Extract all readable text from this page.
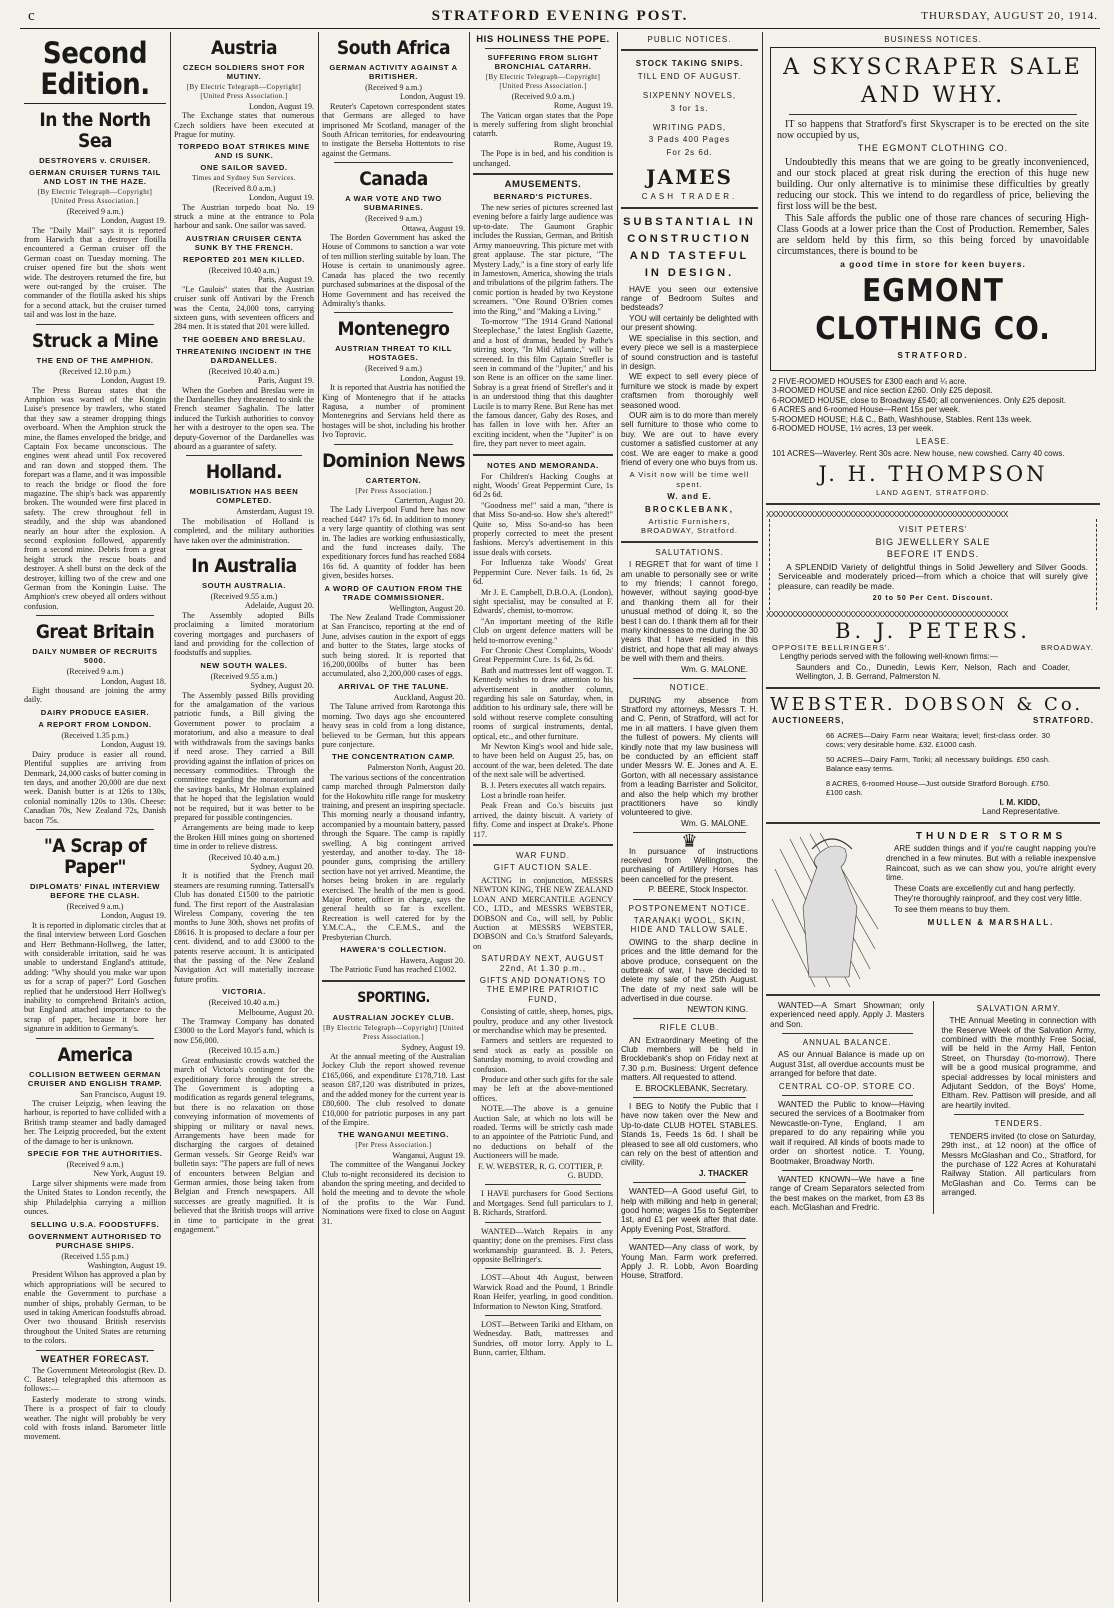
c	STRATFORD EVENING POST.	THURSDAY, AUGUST 20, 1914.
Second Edition.
In the North Sea
DESTROYERS v. CRUISER.
GERMAN CRUISER TURNS TAIL AND LOST IN THE HAZE.
[By Electric Telegraph—Copyright]
[United Press Association.]
(Received 9 a.m.)
London, August 19.

The "Daily Mail" says it is reported from Harwich that a destroyer flotilla encountered a German cruiser off the German coast on Tuesday morning. The cruiser opened fire but the shots went wide. The destroyers returned the fire, but were out-ranged by the cruiser. The commander of the flotilla asked his ships for a second attack, but the cruiser turned tail and was lost in the haze.

Struck a Mine
THE END OF THE AMPHION.
(Received 12.10 p.m.)
London, August 19.

The Press Bureau states that the Amphion was warned of the Konigin Luise's presence by trawlers, who stated that they saw a steamer dropping things overboard. When the Amphion struck the mine, the flames enveloped the bridge, and Captain Fox became unconscious. The engines went ahead until Fox recovered and ran down and stopped them. The forepart was a flame, and it was impossible to reach the bridge or flood the fore magazine. The ship's back was apparently broken. The wounded were first placed in safety. The crew throughout fell in steadily, and the ship was abandoned nearly an hour after the explosion. A second explosion followed, apparently from a second mine. Debris from a great height struck the rescue boats and destroyer. A shell burst on the deck of the destroyer, killing two of the crew and one German from the Koningin Luise. The Amphion's crew obeyed all orders without confusion.

Great Britain
DAILY NUMBER OF RECRUITS 5000.
(Received 9 a.m.)
London, August 18.

Eight thousand are joining the army daily.

DAIRY PRODUCE EASIER.
A REPORT FROM LONDON.
(Received 1.35 p.m.)
London, August 19.

Dairy produce is easier all round. Plentiful supplies are arriving from Denmark, 24,000 casks of butter coming in ten days, and another 20,000 are due next week. Danish butter is at 126s to 130s, colonial nominally 120s to 130s. Cheese: Canadian 70s, New Zealand 72s, Danish bacon 75s.

"A Scrap of Paper"
DIPLOMATS' FINAL INTERVIEW BEFORE THE CLASH.
(Received 9 a.m.)
London, August 19.

It is reported in diplomatic circles that at the final interview between Lord Goschen and Herr Bethmann-Hollweg, the latter, with considerable irritation, said he was unable to understand England's attitude, adding: "Why should you make war upon us for a scrap of paper?" Lord Goschen replied that he understood Herr Hollweg's inability to comprehend Britain's action, but England attached importance to the scrap of paper, because it bore her signature in addition to Germany's.

America
COLLISION BETWEEN GERMAN CRUISER AND ENGLISH TRAMP.
San Francisco, August 19.

The cruiser Leipzig, when leaving the harbour, is reported to have collided with a British tramp steamer and badly damaged her. The Leipzig proceeded, but the extent of the damage to her is unknown.

SPECIE FOR THE AUTHORITIES.
(Received 9 a.m.)
New York, August 19.

Large silver shipments were made from the United States to London recently, the ship Philadelphia carrying a million ounces.

SELLING U.S.A. FOODSTUFFS.
GOVERNMENT AUTHORISED TO PURCHASE SHIPS.
(Received 1.55 p.m.)
Washington, August 19.

President Wilson has approved a plan by which appropriations will be secured to enable the Government to purchase a number of ships, probably German, to be used in taking American foodstuffs abroad. Over two thousand British reservists throughout the United States are returning to the colors.

WEATHER FORECAST.

The Government Meteorologist (Rev. D. C. Bates) telegraphed this afternoon as follows:—

Easterly moderate to strong winds. There is a prospect of fair to cloudy weather. The night will probably be very cold with frosts inland. Barometer little movement.

Austria
CZECH SOLDIERS SHOT FOR MUTINY.
[By Electric Telegraph—Copyright] [United Press Association.]
London, August 19.

The Exchange states that numerous Czech soldiers have been executed at Prague for mutiny.

TORPEDO BOAT STRIKES MINE AND IS SUNK.
ONE SAILOR SAVED.
Times and Sydney Sun Services.
(Received 8.0 a.m.)
London, August 19.

The Austrian torpedo boat No. 19 struck a mine at the entrance to Pola harbour and sank. One sailor was saved.

AUSTRIAN CRUISER CENTA SUNK BY THE FRENCH.
REPORTED 201 MEN KILLED.
(Received 10.40 a.m.)
Paris, August 19.

"Le Gaulois" states that the Austrian cruiser sunk off Antivari by the French was the Centa, 24,000 tons, carrying sixteen guns, with seventeen officers and 284 men. It is stated that 201 were killed.

THE GOEBEN AND BRESLAU.
THREATENING INCIDENT IN THE DARDANELLES.
(Received 10.40 a.m.)
Paris, August 19.

When the Goeben and Breslau were in the Dardanelles they threatened to sink the French steamer Saghalin. The latter induced the Turkish authorities to convoy her with a destroyer to the open sea. The deputy-Governor of the Dardanelles was aboard as a guarantee of safety.

Holland.
MOBILISATION HAS BEEN COMPLETED.
Amsterdam, August 19.

The mobilisation of Holland is completed, and the military authorities have taken over the administration.

In Australia
SOUTH AUSTRALIA.
(Received 9.55 a.m.)
Adelaide, August 20.

The Assembly adopted Bills proclaiming a limited moratorium covering mortgages and purchasers of land and providing for the collection of foodstuffs and supplies.

NEW SOUTH WALES.
(Received 9.55 a.m.)
Sydney, August 20.

The Assembly passed Bills providing for the amalgamation of the various patriotic funds, a Bill giving the Government power to proclaim a moratorium, and also a measure to deal with withdrawals from the savings banks if need arose. They carried a Bill providing against the inflation of prices on necessary commodities. Through the committee regarding the moratorium and the savings banks, Mr Holman explained that he hoped that the legislation would not be required, but it was better to be prepared for possible contingencies.

Arrangements are being made to keep the Broken Hill mines going on shortened time in order to relieve distress.

(Received 10.40 a.m.)
Sydney, August 20.

It is notified that the French mail steamers are resuming running. Tattersall's Club has donated £1500 to the patriotic fund. The first report of the Australasian Wireless Company, covering the ten months to June 30th, shows net profits of £8616. It is proposed to declare a four per cent. dividend, and to add £3000 to the patents reserve account. It is anticipated that the passing of the New Zealand Navigation Act will materially increase future profits.

VICTORIA.
(Received 10.40 a.m.)
Melbourne, August 20.

The Tramway Company has donated £3000 to the Lord Mayor's fund, which is now £56,000.

(Received 10.15 a.m.)

Great enthusiastic crowds watched the march of Victoria's contingent for the expeditionary force through the streets. The Government is adopting a modification as regards general telegrams, but there is no relaxation on those conveying information of movements of shipping or military or naval news. Arrangements have been made for discharging the cargoes of detained German vessels. Sir George Reid's war bulletin says: "The papers are full of news of encounters between Belgian and German armies, those being taken from Belgian and French newspapers. All successes are greatly magnified. It is believed that the British troops will arrive in time to participate in the great engagement."

South Africa
GERMAN ACTIVITY AGAINST A BRITISHER.
(Received 9 a.m.)
London, August 19.

Reuter's Capetown correspondent states that Germans are alleged to have imprisoned Mr Scotland, manager of the South African territories, for endeavouring to instigate the Berseba Hottentots to rise against the Germans.

Canada
A WAR VOTE AND TWO SUBMARINES.
(Received 9 a.m.)
Ottawa, August 19.

The Borden Government has asked the House of Commons to sanction a war vote of ten million sterling suitable by loan. The House is certain to unanimously agree. Canada has placed the two recently purchased submarines at the disposal of the Home Government and has received the Admiralty's thanks.

Montenegro
AUSTRIAN THREAT TO KILL HOSTAGES.
(Received 9 a.m.)
London, August 19.

It is reported that Austria has notified the King of Montenegro that if he attacks Ragusa, a number of prominent Montenegrins and Servians held there as hostages will be shot, including his brother Ivo Toprovic.

Dominion News
CARTERTON.
[Per Press Association.]
Carterton, August 20.

The Lady Liverpool Fund here has now reached £447 17s 6d. In addition to money a very large quantity of clothing was sent in. The ladies are working enthusiastically, and the fund increases daily. The expeditionary forces fund has reached £684 16s 6d. A quantity of fodder has been given, besides horses.

A WORD OF CAUTION FROM THE TRADE COMMISSIONER.
Wellington, August 20.

The New Zealand Trade Commissioner at San Francisco, reporting at the end of June, advises caution in the export of eggs and butter to the States, large stocks of such being stored. It is reported that 16,200,000lbs of butter has been accumulated, also 2,200,000 cases of eggs.

ARRIVAL OF THE TALUNE.
Auckland, August 20.

The Talune arrived from Rarotonga this morning. Two days ago she encountered heavy seas in cold from a long distance, believed to be German, but this appears pure conjecture.

THE CONCENTRATION CAMP.
Palmerston North, August 20.

The various sections of the concentration camp marched through Palmerston daily for the Hokowhitu rifle range for musketry training, and present an inspiring spectacle. This morning nearly a thousand infantry, accompanied by a mountain battery, passed through the Square. The camp is rapidly swelling. A big contingent arrived yesterday, and another to-day. The 18-pounder guns, comprising the artillery section have not yet arrived. Meantime, the horses being broken in are regularly exercised. The health of the men is good. Major Potter, officer in charge, says the general health so far is excellent. Recreation is well catered for by the Y.M.C.A., the C.E.M.S., and the Presbyterian Church.

HAWERA'S COLLECTION.
Hawera, August 20.

The Patriotic Fund has reached £1002.

SPORTING.
AUSTRALIAN JOCKEY CLUB.
[By Electric Telegraph—Copyright] [United Press Association.]
Sydney, August 19.

At the annual meeting of the Australian Jockey Club the report showed revenue £165,066, and expenditure £178,718. Last season £87,120 was distributed in prizes, and the added money for the current year is £80,600. The club resolved to donate £10,000 for patriotic purposes in any part of the Empire.

THE WANGANUI MEETING.
[Per Press Association.]
Wanganui, August 19.

The committee of the Wanganui Jockey Club to-night reconsidered its decision to abandon the spring meeting, and decided to hold the meeting and to devote the whole of the profits to the War Fund. Nominations were fixed to close on August 31.

HIS HOLINESS THE POPE.
SUFFERING FROM SLIGHT BRONCHIAL CATARRH.
[By Electric Telegraph—Copyright] [United Press Association.]
(Received 9.0 a.m.)
Rome, August 19.

The Vatican organ states that the Pope is merely suffering from slight bronchial catarrh.

Rome, August 19.

The Pope is in bed, and his condition is unchanged.

AMUSEMENTS.
BERNARD'S PICTURES.

The new series of pictures screened last evening before a fairly large audience was up-to-date. The Gaumont Graphic includes the Russian, German, and British Army manoeuvring. This picture met with great applause. The star picture, "The Mystery Lady," is a fine story of early life in Jamestown, America, showing the trials and tribulations of the pilgrim fathers. The comic portion is headed by two Keystone screamers. "One Round O'Brien comes into the Ring," and "Making a Living."

To-morrow "The 1914 Grand National Steeplechase," the latest English Gazette, and a host of dramas, headed by Pathe's stirring story, "In Mid Atlantic," will be screened. In this film Captain Strefler is seen in command of the "Jupiter," and his son Rene is an officer on the same liner. Sobray is a great friend of Strefler's and it is an understood thing that this daughter Lucile is to marry Rene. But Rene has met the famous dancer, Gaby des Roses, and has fallen in love with her. After an exciting incident, when the "Jupiter" is on fire, they part never to meet again.

NOTES AND MEMORANDA.

For Children's Hacking Coughs at night, Woods' Great Peppermint Cure, 1s 6d 2s 6d.

"Goodness me!" said a man, "there is that Miss So-and-so. How she's altered!" Quite so, Miss So-and-so has been properly corrected to meet the present fashions. Mercy's advertisement in this issue deals with corsets.

For Influenza take Woods' Great Peppermint Cure. Never fails. 1s 6d, 2s 6d.

Mr J. E. Campbell, D.B.O.A. (London), sight specialist, may be consulted at F. Edwards', chemist, to-morrow.

"An important meeting of the Rifle Club on urgent defence matters will be held to-morrow evening."

For Chronic Chest Complaints, Woods' Great Peppermint Cure. 1s 6d, 2s 6d.

Bath and mattresses lent off waggon. T. Kennedy wishes to draw attention to his advertisement in another column, regarding his sale on Saturday, when, in addition to his ordinary sale, there will be sold without reserve complete consulting rooms of surgical instruments, dental, optical, etc., and other furniture.

Mr Newton King's wool and hide sale, to have been held on August 25, has, on account of the war, been deleted. The date of the next sale will be advertised.

B. J. Peters executes all watch repairs.

Lost a brindle roan heifer.

Peak Frean and Co.'s biscuits just arrived, the dainty biscuit. A variety of fifty. Come and inspect at Drake's. Phone 117.

WAR FUND.
GIFT AUCTION SALE.

ACTING in conjunction, MESSRS NEWTON KING, THE NEW ZEALAND LOAN AND MERCANTILE AGENCY CO., LTD., and MESSRS WEBSTER, DOBSON and Co., will sell, by Public Auction at MESSRS WEBSTER, DOBSON and Co.'s Stratford Saleyards, on

SATURDAY NEXT, AUGUST 22nd, At 1.30 p.m.,
GIFTS AND DONATIONS TO THE EMPIRE PATRIOTIC FUND,

Consisting of cattle, sheep, horses, pigs, poultry, produce and any other livestock or merchandise which may be presented.

Farmers and settlers are requested to send stock as early as possible on Saturday morning, to avoid crowding and confusion.

Produce and other such gifts for the sale may be left at the above-mentioned offices.

NOTE.—The above is a genuine Auction Sale, at which no lots will be roaded. Terms will be strictly cash made to an appointee of the Patriotic Fund, and no deductions on behalf of the Auctioneers will be made.

F. W. WEBSTER, R. G. COTTIER, P. G. BUDD.

I HAVE purchasers for Good Sections and Mortgages. Send full particulars to J. B. Richards, Stratford.

WANTED—Watch Repairs in any quantity; done on the premises. First class workmanship guaranteed. B. J. Peters, opposite Bellringer's.

LOST—About 4th August, between Warwick Road and the Pound, 1 Brindle Roan Heifer, yearling, in good condition. Information to Newton King, Stratford.

LOST—Between Tariki and Eltham, on Wednesday. Bath, mattresses and Sundries, off motor lorry. Apply to L. Bunn, carrier, Eltham.

PUBLIC NOTICES.
STOCK TAKING SNIPS.
TILL END OF AUGUST.
SIXPENNY NOVELS,
3 for 1s.
WRITING PADS,
3 Pads 400 Pages
For 2s 6d.
JAMES
CASH TRADER.
SUBSTANTIAL IN CONSTRUCTION AND TASTEFUL IN DESIGN.

HAVE you seen our extensive range of Bedroom Suites and bedsteads?

YOU will certainly be delighted with our present showing.

WE specialise in this section, and every piece we sell is a masterpiece of sound construction and is tasteful in design.

WE expect to sell every piece of furniture we stock is made by expert craftsmen from thoroughly well seasoned wood.

OUR aim is to do more than merely sell furniture to those who come to buy. We are out to have every customer a satisfied customer at any cost. We are eager to make a good friend of every one who buys from us.

A Visit now will be time well spent.
W. and E.
BROCKLEBANK,
Artistic Furnishers, BROADWAY, Stratford.
SALUTATIONS.

I REGRET that for want of time I am unable to personally see or write to my friends; I cannot forego, however, without saying good-bye and thanking them all for their unusual method of doing it, so the best I can do. I thank them all for their many kindnesses to me during the 30 years that I have resided in this district, and hope that all may always be well with them and theirs.

Wm. G. MALONE.
NOTICE.

DURING my absence from Stratford my attorneys, Messrs T. H. and C. Penn, of Stratford, will act for me in all matters. I have given them the fullest of powers. My clients will kindly note that my law business will be conducted by an efficient staff under Messrs W. E. Jones and A. E. Gorton, with all necessary assistance from a leading Barrister and Solicitor, and also the help which my brother practitioners have so kindly volunteered to give.

Wm. G. MALONE.
♛

In pursuance of instructions received from Wellington, the purchasing of Artillery Horses has been cancelled for the present.

P. BEERE, Stock Inspector.
POSTPONEMENT NOTICE.
TARANAKI WOOL, SKIN, HIDE AND TALLOW SALE.

OWING to the sharp decline in prices and the little demand for the above produce, consequent on the outbreak of war, I have decided to delete my sale of the 25th August. The date of my next sale will be advertised in due course.

NEWTON KING.
RIFLE CLUB.

AN Extraordinary Meeting of the Club members will be held in Brocklebank's shop on Friday next at 7.30 p.m. Business: Urgent defence matters. All requested to attend.

E. BROCKLEBANK, Secretary.

I BEG to Notify the Public that I have now taken over the New and Up-to-date CLUB HOTEL STABLES. Stands 1s, Feeds 1s 6d. I shall be pleased to see all old customers, who can rely on the best of attention and civility.

J. THACKER

WANTED—A Good useful Girl, to help with milking and help in general; good home; wages 15s to September 1st, and £1 per week after that date. Apply Evening Post, Stratford.

WANTED—Any class of work, by Young Man. Farm work preferred. Apply J. R. Lobb, Avon Boarding House, Stratford.

BUSINESS NOTICES.
A SKYSCRAPER SALE
AND WHY.

IT so happens that Stratford's first Skyscraper is to be erected on the site now occupied by us,

THE EGMONT CLOTHING CO.

Undoubtedly this means that we are going to be greatly inconvenienced, and our stock placed at great risk during the erection of this huge new building. Our only alternative is to minimise these difficulties by greatly reducing our stock. This we intend to do regardless of price, believing the first loss will be the best.

This Sale affords the public one of those rare chances of securing High-Class Goods at a lower price than the Cost of Production. Remember, Sales are seldom held by this firm, so this being forced by unavoidable circumstances, there is bound to be

a good time in store for keen buyers.
EGMONT CLOTHING CO.
STRATFORD.
2 FIVE-ROOMED HOUSES for £300 each and ¼ acre.
3-ROOMED HOUSE and nice section £260. Only £25 deposit.
6-ROOMED HOUSE, close to Broadway £540; all conveniences. Only £25 deposit.
6 ACRES and 6-roomed House—Rent 15s per week.
5-ROOMED HOUSE; H.& C., Bath, Washhouse, Stables. Rent 13s week.
6-ROOMED HOUSE, 1½ acres, 13 per week.
LEASE.
101 ACRES—Waverley. Rent 30s acre. New house, new cowshed. Carry 40 cows.
J. H. THOMPSON
LAND AGENT, STRATFORD.
XXXXXXXXXXXXXXXXXXXXXXXXXXXXXXXXXXXXXXXXXXXXXXXXXX
VISIT PETERS'
BIG JEWELLERY SALE
BEFORE IT ENDS.

A SPLENDID Variety of delightful things in Solid Jewellery and Silver Goods. Serviceable and moderately priced—from which a choice that will surely give pleasure, can readily be made.

20 to 50 Per Cent. Discount.
XXXXXXXXXXXXXXXXXXXXXXXXXXXXXXXXXXXXXXXXXXXXXXXXXX
B. J. PETERS.
OPPOSITE BELLRINGERS'.	BROADWAY.

Lengthy periods served with the following well-known firms:—

Saunders and Co., Dunedin, Lewis Kerr, Nelson, Rach and Coader, Wellington, J. B. Gerrand, Palmerston N.

WEBSTER. DOBSON & Co.
AUCTIONEERS,	STRATFORD.

66 ACRES—Dairy Farm near Waitara; level; first-class order. 30 cows; very desirable home. £32. £1000 cash.

50 ACRES—Dairy Farm, Toriki; all necessary buildings. £50 cash. Balance easy terms.

8 ACRES, 6-roomed House—Just outside Stratford Borough. £750. £100 cash.

I. M. KIDD,
Land Representative.
THUNDER STORMS

ARE sudden things and if you're caught napping you're drenched in a few minutes. But with a reliable inexpensive Raincoat, such as we can show you, you're alright every time.

These Coats are excellently cut and hang perfectly.

They're thoroughly rainproof, and they cost very little.

To see them means to buy them.

MULLEN & MARSHALL.

WANTED—A Smart Showman; only experienced need apply. Apply J. Masters and Son.

ANNUAL BALANCE.

AS our Annual Balance is made up on August 31st, all overdue accounts must be arranged for before that date.

CENTRAL CO-OP. STORE CO.

WANTED the Public to know—Having secured the services of a Bootmaker from Newcastle-on-Tyne, England, I am prepared to do any repairing while you wait if required. All kinds of boots made to order on shortest notice. T. Young, Bootmaker, Broadway North.

WANTED KNOWN—We have a fine range of Cream Separators selected from the best makes on the market, from £3 8s each. McGlashan and Fredric.

SALVATION ARMY.

THE Annual Meeting in connection with the Reserve Week of the Salvation Army, combined with the monthly Free Social, will be held in the Army Hall, Fenton Street, on Thursday (to-morrow). There will be a good musical programme, and special addresses by local ministers and Adjutant Seddon, of the Boys' Home, Eltham. Rev. Pattison will preside, and all are heartily invited.

TENDERS.

TENDERS invited (to close on Saturday, 29th inst., at 12 noon) at the office of Messrs McGlashan and Co., Stratford, for the purchase of 122 Acres at Kohuratahi Railway Station. All particulars from McGlashan and Co. Terms can be arranged.
